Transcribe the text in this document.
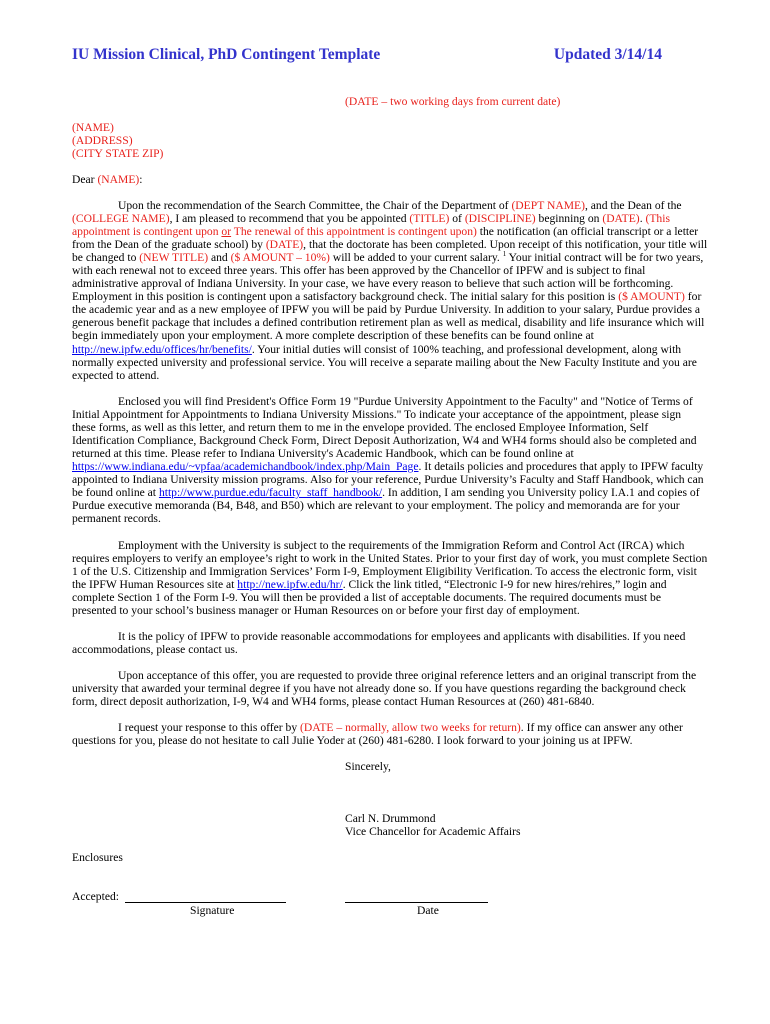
IU Mission Clinical, PhD Contingent Template	Updated 3/14/14
(DATE – two working days from current date)
(NAME)
(ADDRESS)
(CITY STATE ZIP)
Dear (NAME):
Upon the recommendation of the Search Committee, the Chair of the Department of (DEPT NAME), and the Dean of the
(COLLEGE NAME), I am pleased to recommend that you be appointed (TITLE) of (DISCIPLINE) beginning on (DATE). (This
appointment is contingent upon or The renewal of this appointment is contingent upon) the notification (an official transcript or a letter
from the Dean of the graduate school) by (DATE), that the doctorate has been completed. Upon receipt of this notification, your title will
be changed to (NEW TITLE) and ($ AMOUNT – 10%) will be added to your current salary. $^1$ Your initial contract will be for two years,
with each renewal not to exceed three years. This offer has been approved by the Chancellor of IPFW and is subject to final
administrative approval of Indiana University. In your case, we have every reason to believe that such action will be forthcoming.
Employment in this position is contingent upon a satisfactory background check. The initial salary for this position is ($ AMOUNT) for
the academic year and as a new employee of IPFW you will be paid by Purdue University. In addition to your salary, Purdue provides a
generous benefit package that includes a defined contribution retirement plan as well as medical, disability and life insurance which will
begin immediately upon your employment. A more complete description of these benefits can be found online at
http://new.ipfw.edu/offices/hr/benefits/. Your initial duties will consist of 100% teaching, and professional development, along with
normally expected university and professional service. You will receive a separate mailing about the New Faculty Institute and you are
expected to attend.
Enclosed you will find President's Office Form 19 "Purdue University Appointment to the Faculty" and "Notice of Terms of
Initial Appointment for Appointments to Indiana University Missions." To indicate your acceptance of the appointment, please sign
these forms, as well as this letter, and return them to me in the envelope provided. The enclosed Employee Information, Self
Identification Compliance, Background Check Form, Direct Deposit Authorization, W4 and WH4 forms should also be completed and
returned at this time. Please refer to Indiana University's Academic Handbook, which can be found online at
https://www.indiana.edu/~vpfaa/academichandbook/index.php/Main_Page. It details policies and procedures that apply to IPFW faculty
appointed to Indiana University mission programs. Also for your reference, Purdue University’s Faculty and Staff Handbook, which can
be found online at http://www.purdue.edu/faculty_staff_handbook/. In addition, I am sending you University policy I.A.1 and copies of
Purdue executive memoranda (B4, B48, and B50) which are relevant to your employment. The policy and memoranda are for your
permanent records.
Employment with the University is subject to the requirements of the Immigration Reform and Control Act (IRCA) which
requires employers to verify an employee’s right to work in the United States. Prior to your first day of work, you must complete Section
1 of the U.S. Citizenship and Immigration Services’ Form I-9, Employment Eligibility Verification. To access the electronic form, visit
the IPFW Human Resources site at http://new.ipfw.edu/hr/. Click the link titled, “Electronic I-9 for new hires/rehires,” login and
complete Section 1 of the Form I-9. You will then be provided a list of acceptable documents. The required documents must be
presented to your school’s business manager or Human Resources on or before your first day of employment.
It is the policy of IPFW to provide reasonable accommodations for employees and applicants with disabilities. If you need
accommodations, please contact us.
Upon acceptance of this offer, you are requested to provide three original reference letters and an original transcript from the
university that awarded your terminal degree if you have not already done so. If you have questions regarding the background check
form, direct deposit authorization, I-9, W4 and WH4 forms, please contact Human Resources at (260) 481-6840.
I request your response to this offer by (DATE – normally, allow two weeks for return). If my office can answer any other
questions for you, please do not hesitate to call Julie Yoder at (260) 481-6280. I look forward to your joining us at IPFW.
Sincerely,
Carl N. Drummond
Vice Chancellor for Academic Affairs
Enclosures
Accepted:
Signature	Date
